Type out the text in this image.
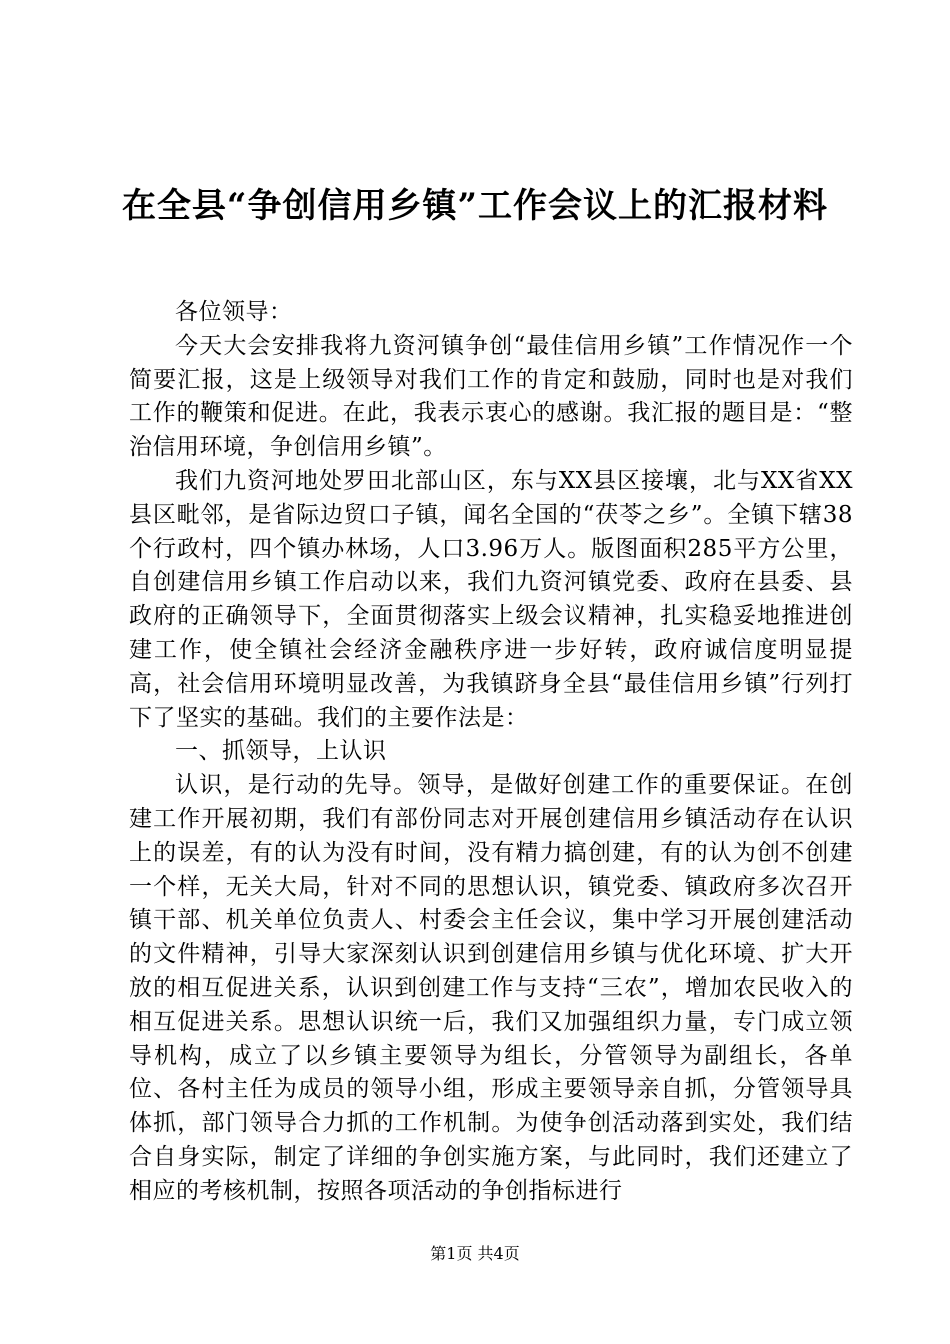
在全县“争创信用乡镇”工作会议上的汇报材料

各位领导：

今天大会安排我将九资河镇争创“最佳信用乡镇”工作情况作一个简要汇报，这是上级领导对我们工作的肯定和鼓励，同时也是对我们工作的鞭策和促进。在此，我表示衷心的感谢。我汇报的题目是：“整治信用环境，争创信用乡镇”。

我们九资河地处罗田北部山区，东与XX县区接壤，北与XX省XX县区毗邻，是省际边贸口子镇，闻名全国的“茯苓之乡”。全镇下辖38个行政村，四个镇办林场，人口3.96万人。版图面积285平方公里，自创建信用乡镇工作启动以来，我们九资河镇党委、政府在县委、县政府的正确领导下，全面贯彻落实上级会议精神，扎实稳妥地推进创建工作，使全镇社会经济金融秩序进一步好转，政府诚信度明显提高，社会信用环境明显改善，为我镇跻身全县“最佳信用乡镇”行列打下了坚实的基础。我们的主要作法是：

一、抓领导，上认识

认识，是行动的先导。领导，是做好创建工作的重要保证。在创建工作开展初期，我们有部份同志对开展创建信用乡镇活动存在认识上的误差，有的认为没有时间，没有精力搞创建，有的认为创不创建一个样，无关大局，针对不同的思想认识，镇党委、镇政府多次召开镇干部、机关单位负责人、村委会主任会议，集中学习开展创建活动的文件精神，引导大家深刻认识到创建信用乡镇与优化环境、扩大开放的相互促进关系，认识到创建工作与支持“三农”，增加农民收入的相互促进关系。思想认识统一后，我们又加强组织力量，专门成立领导机构，成立了以乡镇主要领导为组长，分管领导为副组长，各单位、各村主任为成员的领导小组，形成主要领导亲自抓，分管领导具体抓，部门领导合力抓的工作机制。为使争创活动落到实处，我们结合自身实际，制定了详细的争创实施方案，与此同时，我们还建立了相应的考核机制，按照各项活动的争创指标进行

第1页 共4页
